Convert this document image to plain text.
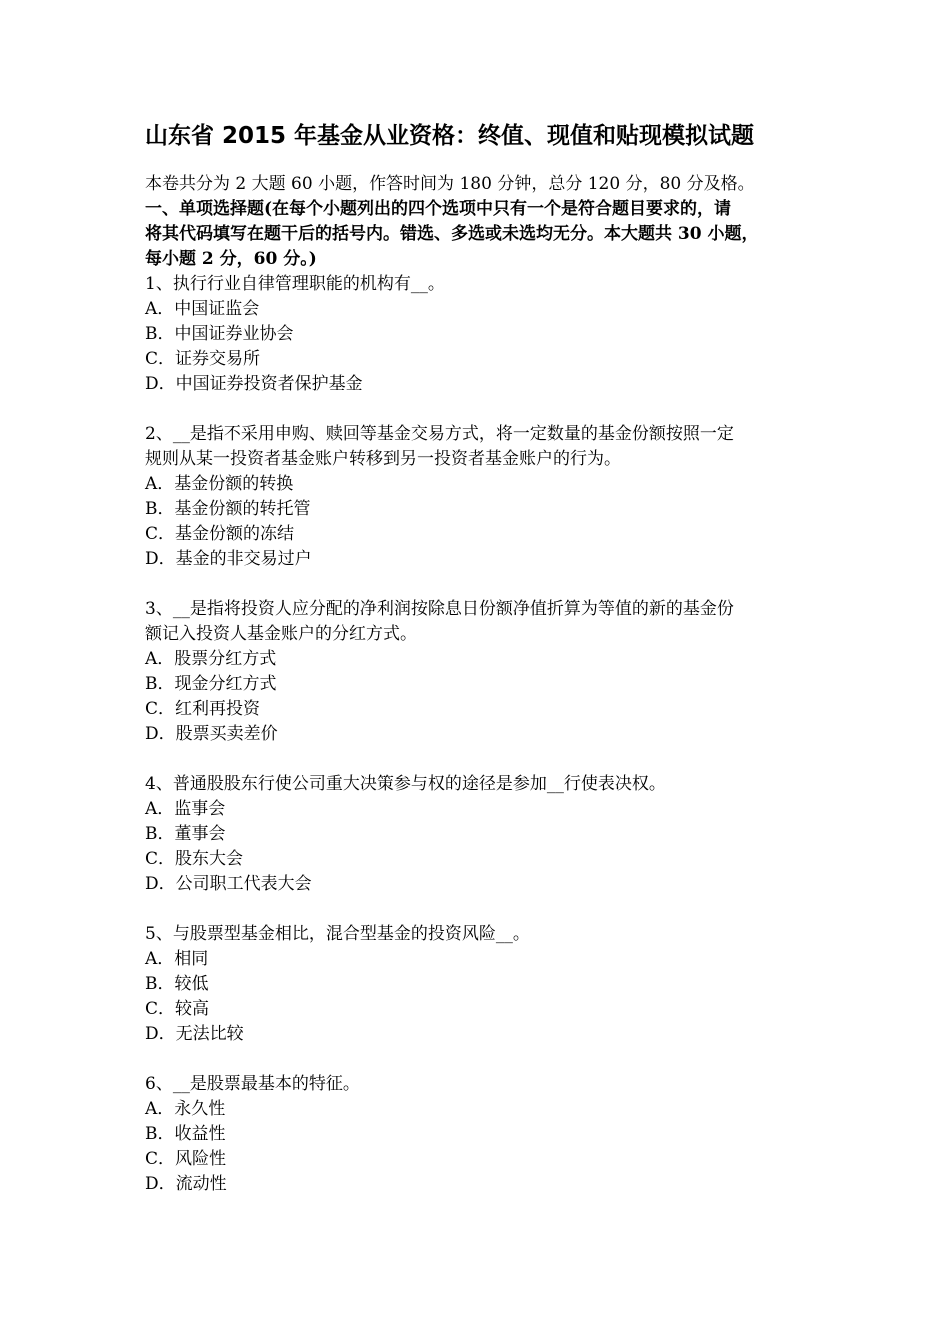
山东省 2015 年基金从业资格：终值、现值和贴现模拟试题
本卷共分为 2 大题 60 小题，作答时间为 180 分钟，总分 120 分，80 分及格。
一、单项选择题(在每个小题列出的四个选项中只有一个是符合题目要求的，请
将其代码填写在题干后的括号内。错选、多选或未选均无分。本大题共 30 小题，
每小题 2 分，60 分。)
1、执行行业自律管理职能的机构有__。
A．中国证监会
B．中国证券业协会
C．证券交易所
D．中国证券投资者保护基金
2、__是指不采用申购、赎回等基金交易方式，将一定数量的基金份额按照一定
规则从某一投资者基金账户转移到另一投资者基金账户的行为。
A．基金份额的转换
B．基金份额的转托管
C．基金份额的冻结
D．基金的非交易过户
3、__是指将投资人应分配的净利润按除息日份额净值折算为等值的新的基金份
额记入投资人基金账户的分红方式。
A．股票分红方式
B．现金分红方式
C．红利再投资
D．股票买卖差价
4、普通股股东行使公司重大决策参与权的途径是参加__行使表决权。
A．监事会
B．董事会
C．股东大会
D．公司职工代表大会
5、与股票型基金相比，混合型基金的投资风险__。
A．相同
B．较低
C．较高
D．无法比较
6、__是股票最基本的特征。
A．永久性
B．收益性
C．风险性
D．流动性
